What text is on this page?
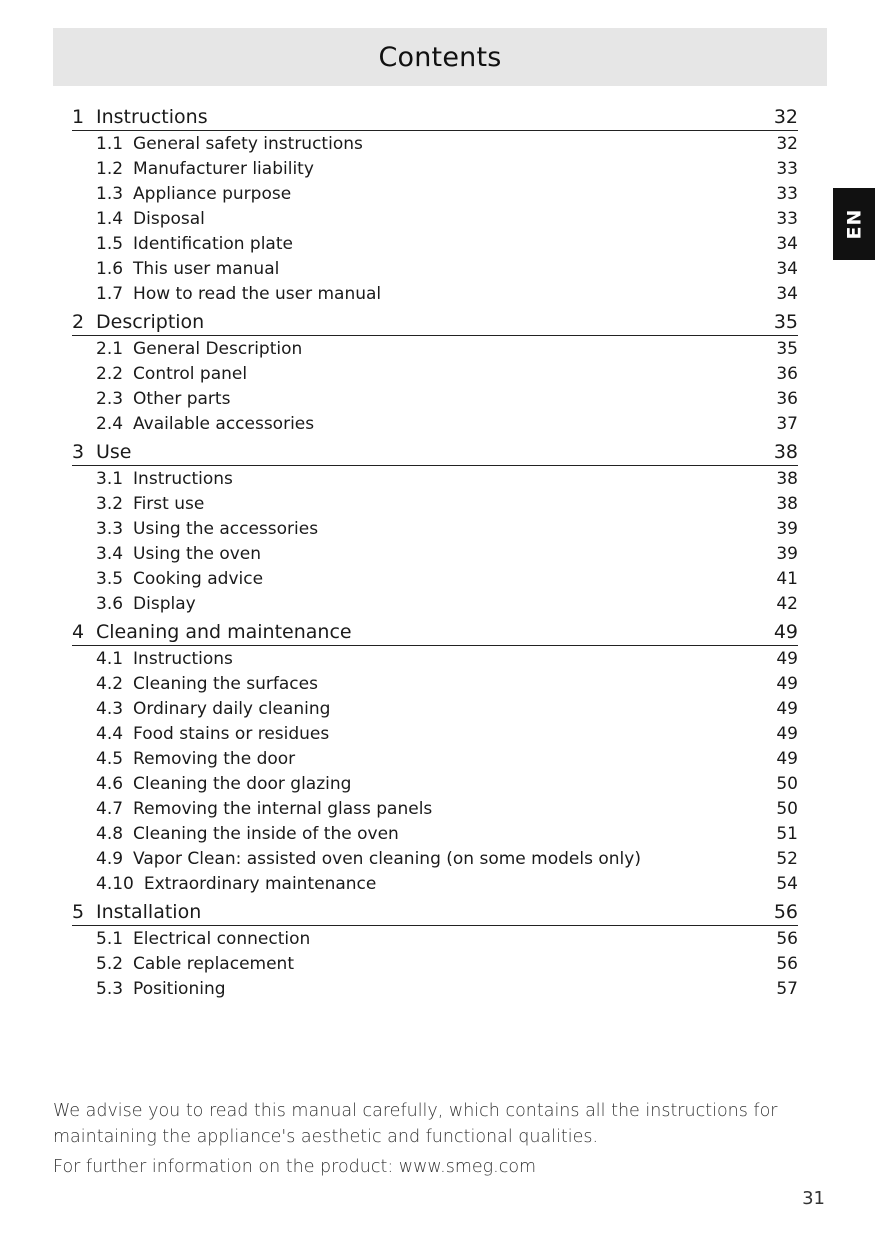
Contents
EN
1 Instructions	32
1.1 General safety instructions	32
1.2 Manufacturer liability	33
1.3 Appliance purpose	33
1.4 Disposal	33
1.5 Identification plate	34
1.6 This user manual	34
1.7 How to read the user manual	34
2 Description	35
2.1 General Description	35
2.2 Control panel	36
2.3 Other parts	36
2.4 Available accessories	37
3 Use	38
3.1 Instructions	38
3.2 First use	38
3.3 Using the accessories	39
3.4 Using the oven	39
3.5 Cooking advice	41
3.6 Display	42
4 Cleaning and maintenance	49
4.1 Instructions	49
4.2 Cleaning the surfaces	49
4.3 Ordinary daily cleaning	49
4.4 Food stains or residues	49
4.5 Removing the door	49
4.6 Cleaning the door glazing	50
4.7 Removing the internal glass panels	50
4.8 Cleaning the inside of the oven	51
4.9 Vapor Clean: assisted oven cleaning (on some models only)	52
4.10 Extraordinary maintenance	54
5 Installation	56
5.1 Electrical connection	56
5.2 Cable replacement	56
5.3 Positioning	57

We advise you to read this manual carefully, which contains all the instructions for maintaining the appliance's aesthetic and functional qualities.

For further information on the product: www.smeg.com

31
